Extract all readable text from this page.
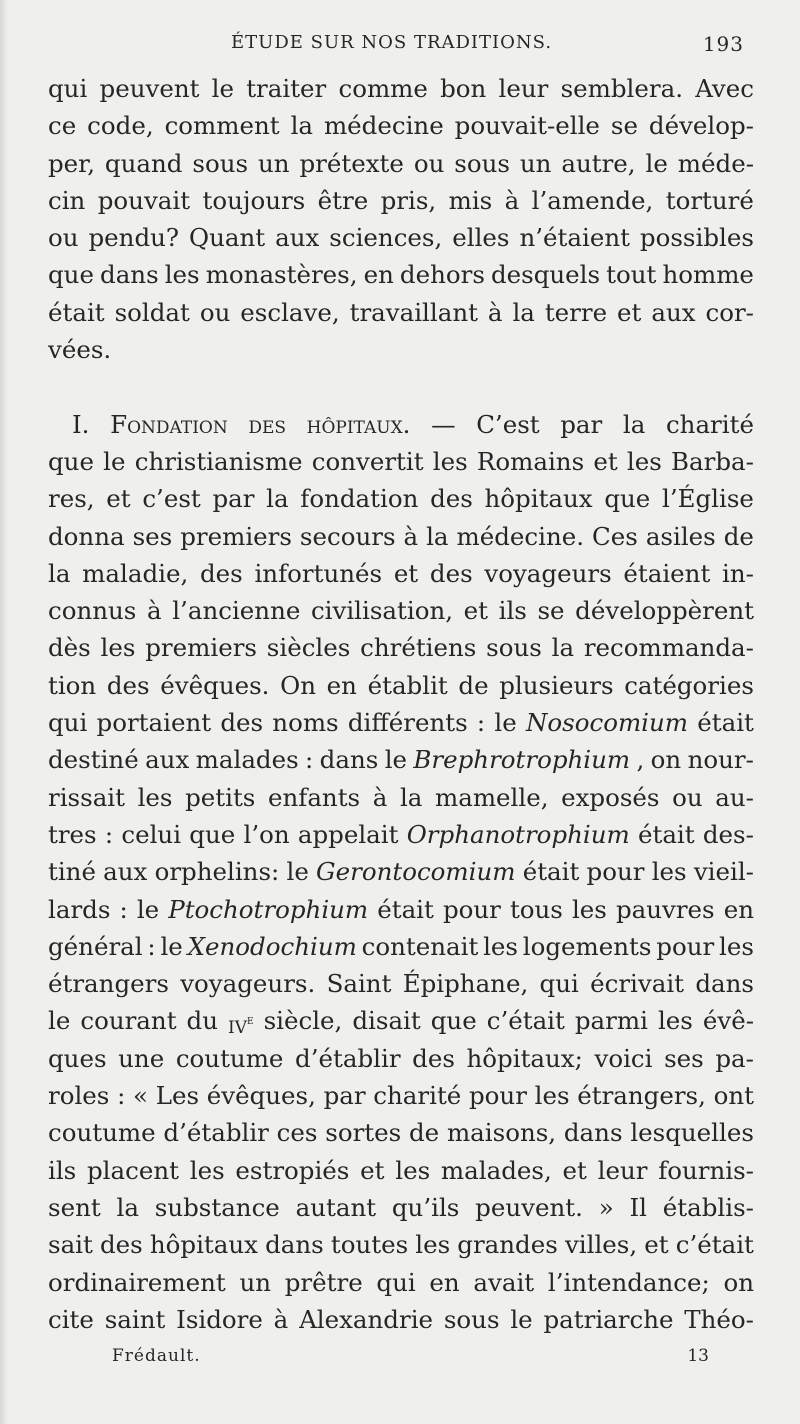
ÉTUDE SUR NOS TRADITIONS.	193
qui peuvent le traiter comme bon leur semblera. Avec
ce code, comment la médecine pouvait-elle se dévelop-
per, quand sous un prétexte ou sous un autre, le méde-
cin pouvait toujours être pris, mis à l’amende, torturé
ou pendu? Quant aux sciences, elles n’étaient possibles
que dans les monastères, en dehors desquels tout homme
était soldat ou esclave, travaillant à la terre et aux cor-
vées.
I. Fondation des hôpitaux. — C’est par la charité
que le christianisme convertit les Romains et les Barba-
res, et c’est par la fondation des hôpitaux que l’Église
donna ses premiers secours à la médecine. Ces asiles de
la maladie, des infortunés et des voyageurs étaient in-
connus à l’ancienne civilisation, et ils se développèrent
dès les premiers siècles chrétiens sous la recommanda-
tion des évêques. On en établit de plusieurs catégories
qui portaient des noms différents : le Nosocomium était
destiné aux malades : dans le Brephrotrophium , on nour-
rissait les petits enfants à la mamelle, exposés ou au-
tres : celui que l’on appelait Orphanotrophium était des-
tiné aux orphelins: le Gerontocomium était pour les vieil-
lards : le Ptochotrophium était pour tous les pauvres en
général : le Xenodochium contenait les logements pour les
étrangers voyageurs. Saint Épiphane, qui écrivait dans
le courant du $iv^e$ siècle, disait que c’était parmi les évê-
ques une coutume d’établir des hôpitaux; voici ses pa-
roles : « Les évêques, par charité pour les étrangers, ont
coutume d’établir ces sortes de maisons, dans lesquelles
ils placent les estropiés et les malades, et leur fournis-
sent la substance autant qu’ils peuvent. » Il établis-
sait des hôpitaux dans toutes les grandes villes, et c’était
ordinairement un prêtre qui en avait l’intendance; on
cite saint Isidore à Alexandrie sous le patriarche Théo-
Frédault.	13
